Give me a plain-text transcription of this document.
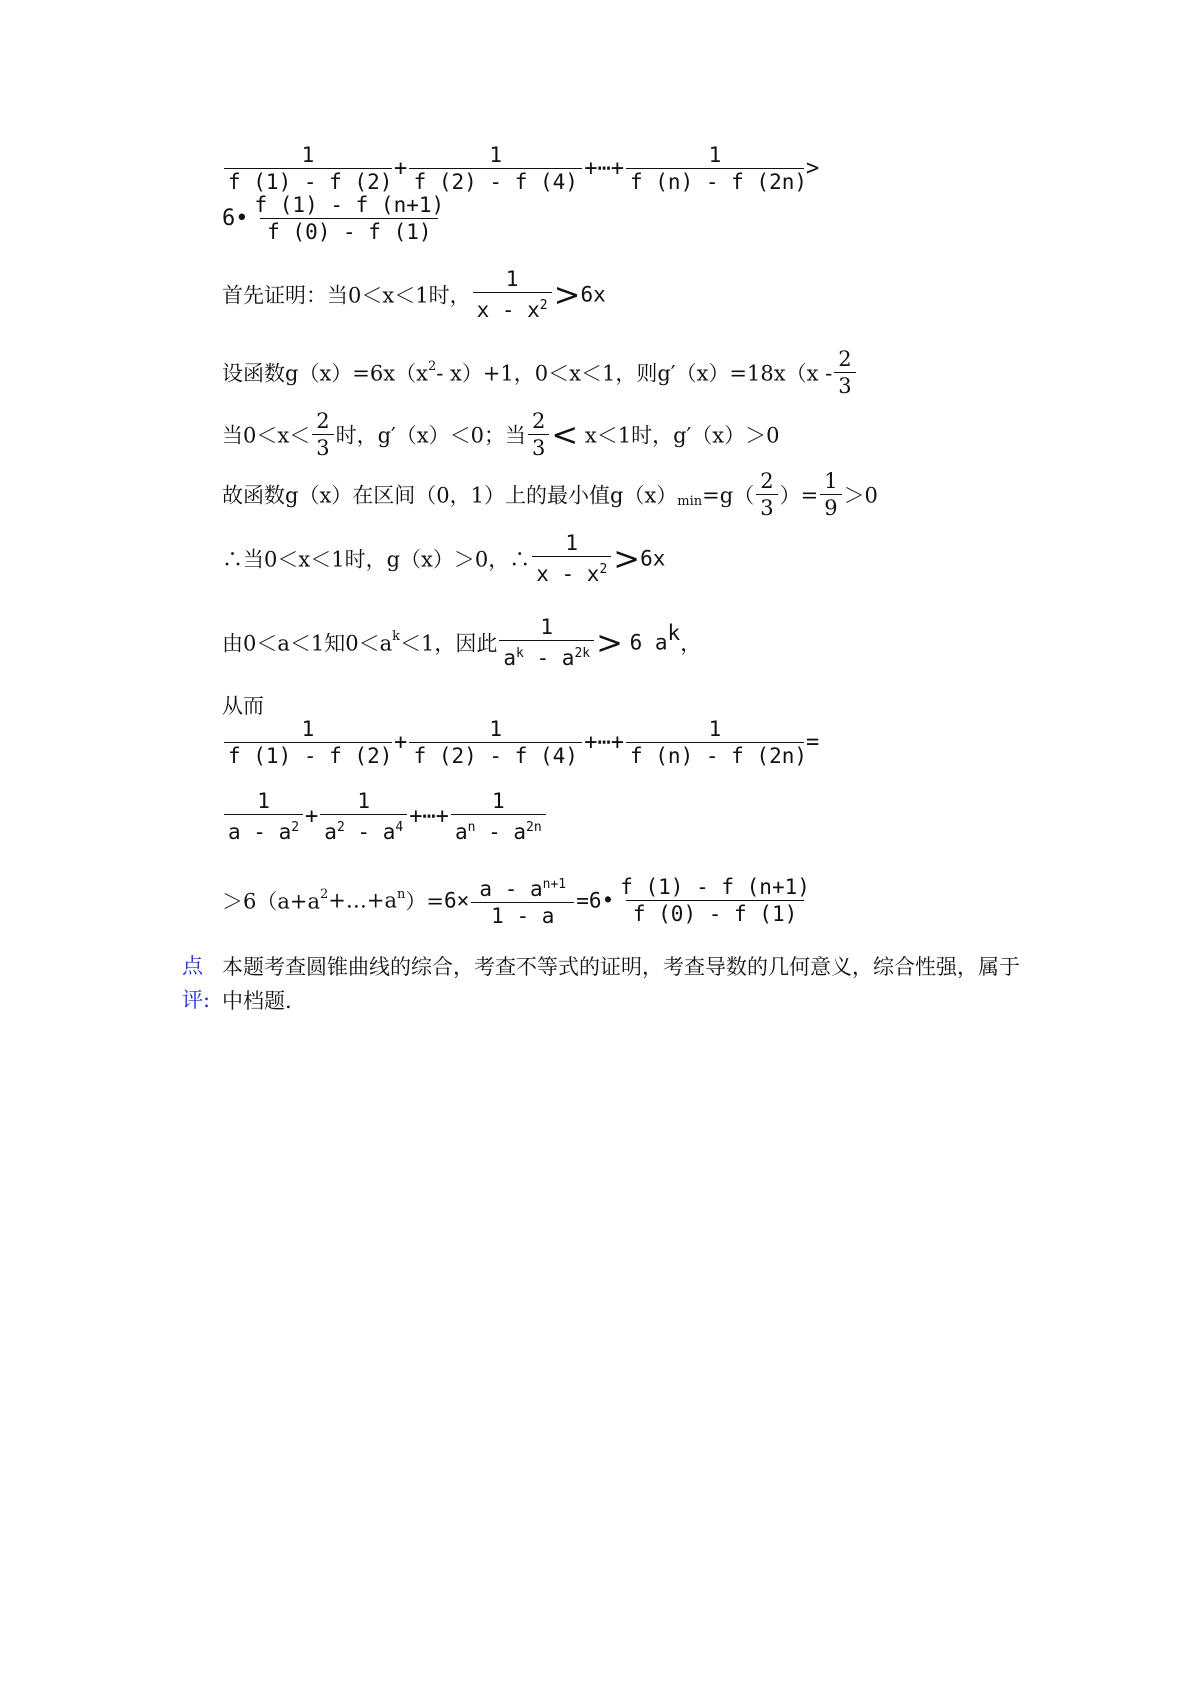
$\frac{1}{f (1) - f (2)} + \frac{1}{f (2) - f (4)}$ +⋯+ $\frac{1}{f (n) - f (2n)}$ >
6• $\frac{f (1) - f (n+1)}{f (0) - f (1)}$
首先证明：当0＜x＜1时， $\frac{1}{x - x^2} >6x$
设函数$g(x)=6x(x^2-$ x）+1，0＜x＜1，则$g'(x)=18x(x - \frac{2}{3}$
当$0<x< \frac{2}{3}$ 时，g′（x）＜0；当 $\frac{2}{3} < x<1$时，g′（x）＞0
故函数g（x）在区间（0，1）上的最小值$g(x)_{min}=g( \frac{2}{3}$ ）= $\frac{1}{9} >0$
∴当0＜x＜1时，g（x）＞0，∴ $\frac{1}{x - x^2} >6x$
由0＜a＜1知$0<a^k<1$，因此 $\frac{1}{a^k - a^{2k}} > 6$ $a^k$，
从而
$\frac{1}{f (1) - f (2)} + \frac{1}{f (2) - f (4)}$ +⋯+ $\frac{1}{f (n) - f (2n)}$ =
$\frac{1}{a - a^2} + \frac{1}{a^2 - a^4}$ +⋯+ $\frac{1}{a^n - a^{2n}}$
$>6(a+a^2+\dots+a^n)=6\times \frac{a - a^{n+1}}{1 - a}$ =6• $\frac{f (1) - f (n+1)}{f (0) - f (1)}$
点
评:
本题考查圆锥曲线的综合，考查不等式的证明，考查导数的几何意义，综合性强，属于中档题.
